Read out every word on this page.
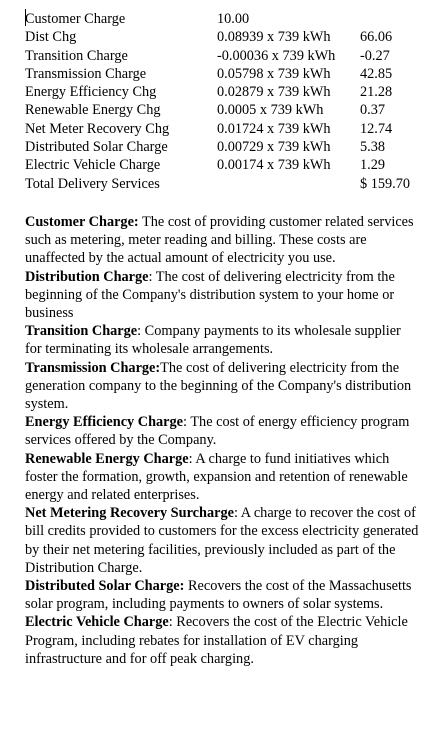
Customer Charge	10.00	
Dist Chg	0.08939 x 739 kWh	66.06
Transition Charge	-0.00036 x 739 kWh	-0.27
Transmission Charge	0.05798 x 739 kWh	42.85
Energy Efficiency Chg	0.02879 x 739 kWh	21.28
Renewable Energy Chg	0.0005 x 739 kWh	0.37
Net Meter Recovery Chg	0.01724 x 739 kWh	12.74
Distributed Solar Charge	0.00729 x 739 kWh	5.38
Electric Vehicle Charge	0.00174 x 739 kWh	1.29
Total Delivery Services		$ 159.70

Customer Charge: The cost of providing customer related services such as metering, meter reading and billing. These costs are unaffected by the actual amount of electricity you use.

Distribution Charge: The cost of delivering electricity from the beginning of the Company's distribution system to your home or business

Transition Charge: Company payments to its wholesale supplier for terminating its wholesale arrangements.

Transmission Charge:The cost of delivering electricity from the generation company to the beginning of the Company's distribution system.

Energy Efficiency Charge: The cost of energy efficiency program services offered by the Company.

Renewable Energy Charge: A charge to fund initiatives which foster the formation, growth, expansion and retention of renewable energy and related enterprises.

Net Metering Recovery Surcharge: A charge to recover the cost of bill credits provided to customers for the excess electricity generated by their net metering facilities, previously included as part of the Distribution Charge.

Distributed Solar Charge: Recovers the cost of the Massachusetts solar program, including payments to owners of solar systems.

Electric Vehicle Charge: Recovers the cost of the Electric Vehicle Program, including rebates for installation of EV charging infrastructure and for off peak charging.
